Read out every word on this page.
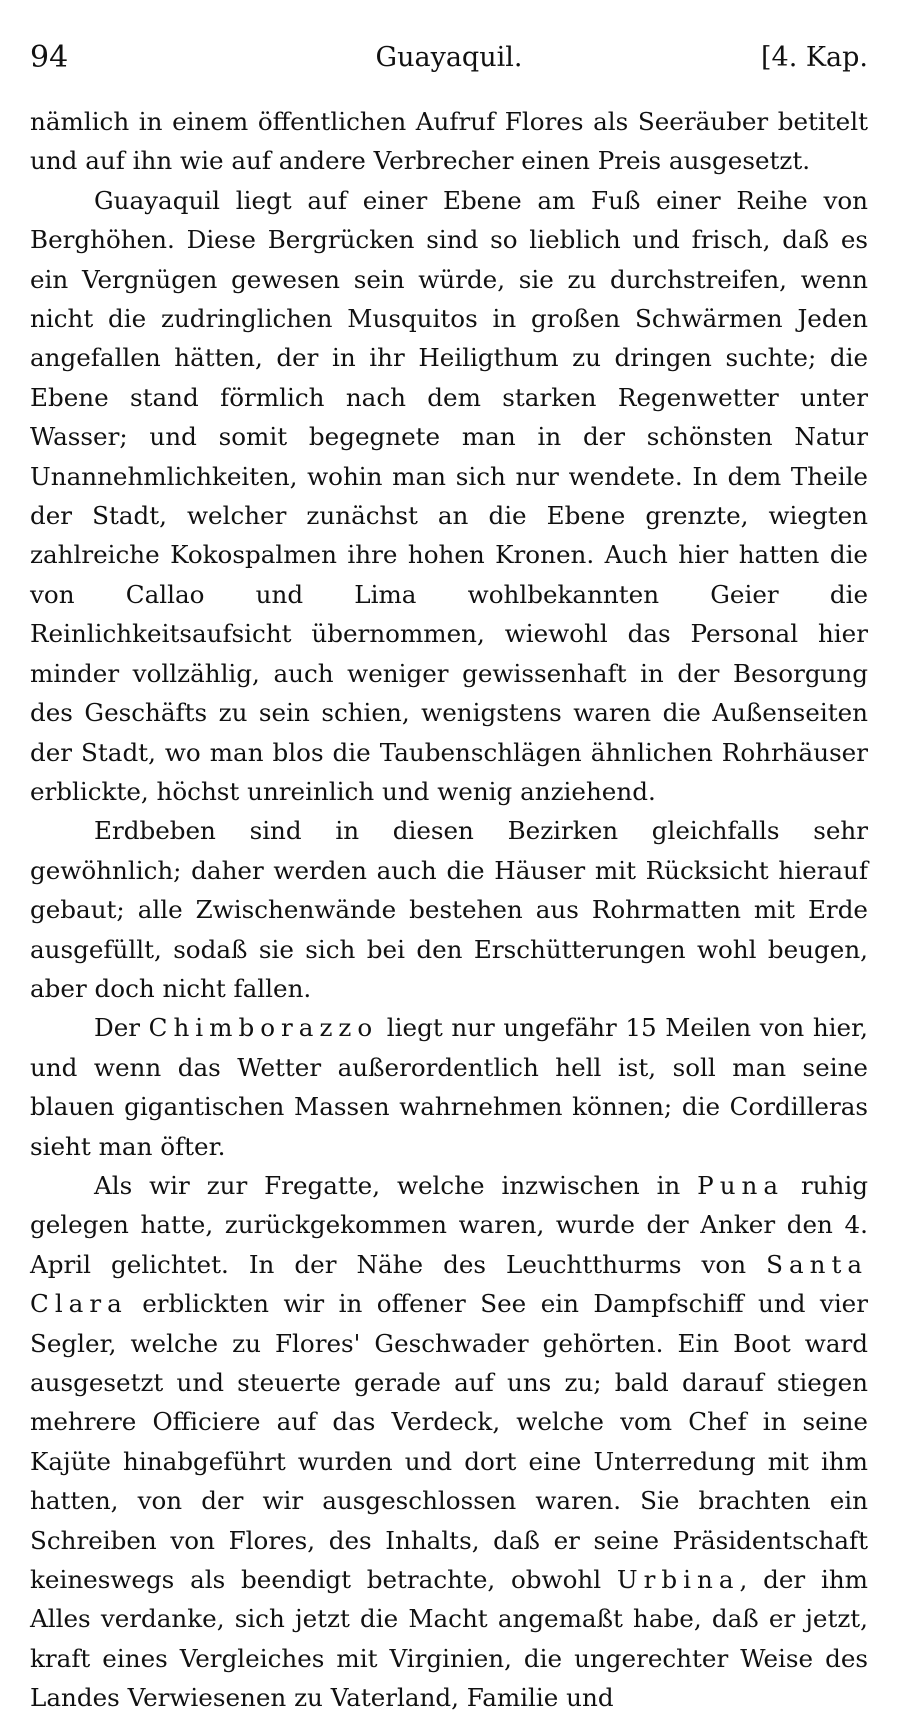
94	Guayaquil.	[4. Kap.

nämlich in einem öffentlichen Aufruf Flores als Seeräuber betitelt und auf ihn wie auf andere Verbrecher einen Preis ausgesetzt.

Guayaquil liegt auf einer Ebene am Fuß einer Reihe von Berghöhen. Diese Bergrücken sind so lieblich und frisch, daß es ein Vergnügen gewesen sein würde, sie zu durchstreifen, wenn nicht die zudringlichen Musquitos in großen Schwärmen Jeden angefallen hätten, der in ihr Heiligthum zu dringen suchte; die Ebene stand förmlich nach dem starken Regenwetter unter Wasser; und somit begegnete man in der schönsten Natur Unannehmlichkeiten, wohin man sich nur wendete. In dem Theile der Stadt, welcher zunächst an die Ebene grenzte, wiegten zahlreiche Kokospalmen ihre hohen Kronen. Auch hier hatten die von Callao und Lima wohlbekannten Geier die Reinlichkeitsaufsicht übernommen, wiewohl das Personal hier minder vollzählig, auch weniger gewissenhaft in der Besorgung des Geschäfts zu sein schien, wenigstens waren die Außenseiten der Stadt, wo man blos die Taubenschlägen ähnlichen Rohrhäuser erblickte, höchst unreinlich und wenig anziehend.

Erdbeben sind in diesen Bezirken gleichfalls sehr gewöhnlich; daher werden auch die Häuser mit Rücksicht hierauf gebaut; alle Zwischenwände bestehen aus Rohrmatten mit Erde ausgefüllt, sodaß sie sich bei den Erschütterungen wohl beugen, aber doch nicht fallen.

Der Chimborazzo liegt nur ungefähr 15 Meilen von hier, und wenn das Wetter außerordentlich hell ist, soll man seine blauen gigantischen Massen wahrnehmen können; die Cordilleras sieht man öfter.

Als wir zur Fregatte, welche inzwischen in Puna ruhig gelegen hatte, zurückgekommen waren, wurde der Anker den 4. April gelichtet. In der Nähe des Leuchtthurms von Santa Clara erblickten wir in offener See ein Dampfschiff und vier Segler, welche zu Flores' Geschwader gehörten. Ein Boot ward ausgesetzt und steuerte gerade auf uns zu; bald darauf stiegen mehrere Officiere auf das Verdeck, welche vom Chef in seine Kajüte hinabgeführt wurden und dort eine Unterredung mit ihm hatten, von der wir ausgeschlossen waren. Sie brachten ein Schreiben von Flores, des Inhalts, daß er seine Präsidentschaft keineswegs als beendigt betrachte, obwohl Urbina, der ihm Alles verdanke, sich jetzt die Macht angemaßt habe, daß er jetzt, kraft eines Vergleiches mit Virginien, die ungerechter Weise des Landes Verwiesenen zu Vaterland, Familie und
